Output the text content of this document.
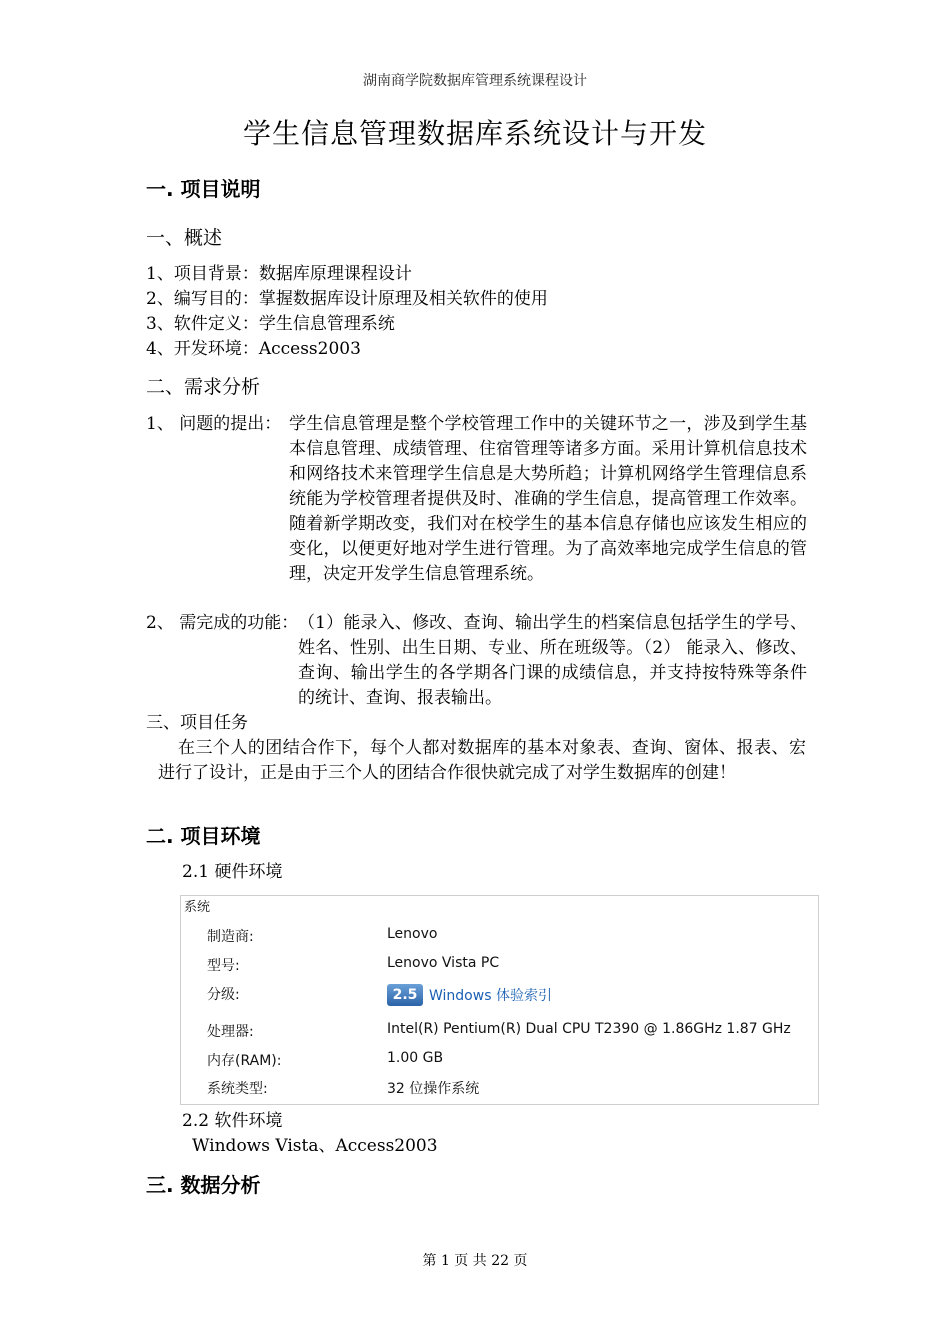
湖南商学院数据库管理系统课程设计
学生信息管理数据库系统设计与开发
一. 项目说明
一、概述
1、项目背景：数据库原理课程设计
2、编写目的：掌握数据库设计原理及相关软件的使用
3、软件定义：学生信息管理系统
4、开发环境：Access2003
二、需求分析
1、 问题的提出： 学生信息管理是整个学校管理工作中的关键环节之一，涉及到学生基本信息管理、成绩管理、住宿管理等诸多方面。采用计算机信息技术和网络技术来管理学生信息是大势所趋；计算机网络学生管理信息系统能为学校管理者提供及时、准确的学生信息，提高管理工作效率。随着新学期改变，我们对在校学生的基本信息存储也应该发生相应的变化，以便更好地对学生进行管理。为了高效率地完成学生信息的管理，决定开发学生信息管理系统。
2、 需完成的功能： （1）能录入、修改、查询、输出学生的档案信息包括学生的学号、姓名、性别、出生日期、专业、所在班级等。（2） 能录入、修改、查询、输出学生的各学期各门课的成绩信息，并支持按特殊等条件的统计、查询、报表输出。
三、项目任务
在三个人的团结合作下，每个人都对数据库的基本对象表、查询、窗体、报表、宏进行了设计，正是由于三个人的团结合作很快就完成了对学生数据库的创建！
二. 项目环境
2.1 硬件环境
系统
制造商:	Lenovo
型号:	Lenovo Vista PC
分级:	2.5 Windows 体验索引
处理器:	Intel(R) Pentium(R) Dual CPU T2390 @ 1.86GHz 1.87 GHz
内存(RAM):	1.00 GB
系统类型:	32 位操作系统
2.2 软件环境
Windows Vista、Access2003
三. 数据分析
第 1 页 共 22 页
